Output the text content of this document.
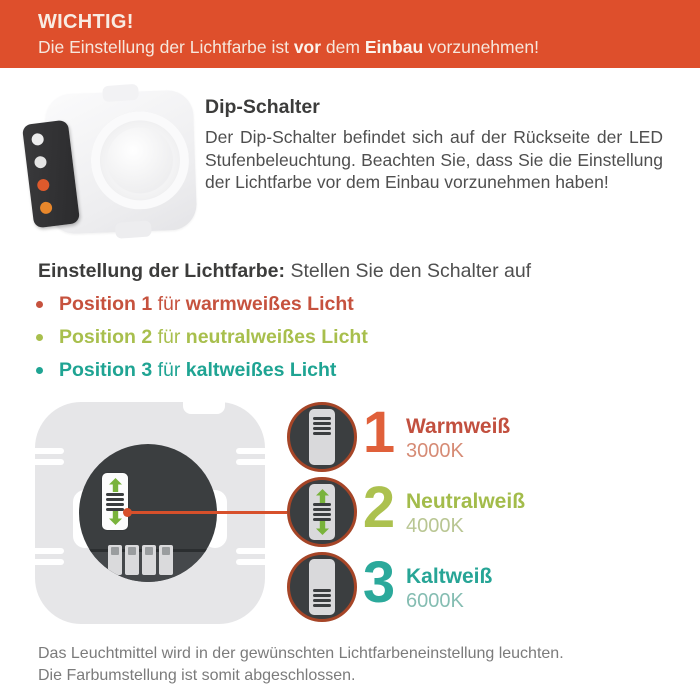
WICHTIG!
Die Einstellung der Lichtfarbe ist vor dem Einbau vorzunehmen!
Dip-Schalter
Der Dip-Schalter befindet sich auf der Rückseite der LED Stufenbeleuchtung. Beachten Sie, dass Sie die Einstellung der Lichtfarbe vor dem Einbau vorzunehmen haben!
Einstellung der Lichtfarbe: Stellen Sie den Schalter auf
Position 1 für warmweißes Licht
Position 2 für neutralweißes Licht
Position 3 für kaltweißes Licht
1 Warmweiß
3000K
2 Neutralweiß
4000K
3 Kaltweiß
6000K
Das Leuchtmittel wird in der gewünschten Lichtfarbeneinstellung leuchten.
Die Farbumstellung ist somit abgeschlossen.
